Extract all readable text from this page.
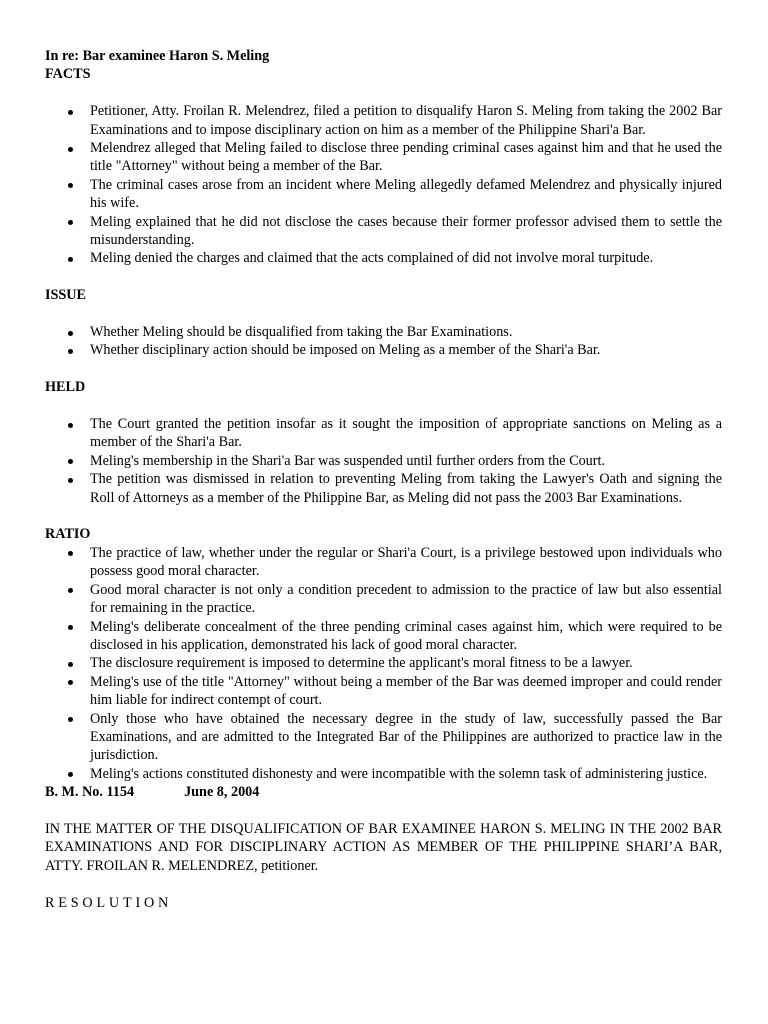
In re: Bar examinee Haron S. Meling
FACTS
Petitioner, Atty. Froilan R. Melendrez, filed a petition to disqualify Haron S. Meling from taking the 2002 Bar Examinations and to impose disciplinary action on him as a member of the Philippine Shari'a Bar.
Melendrez alleged that Meling failed to disclose three pending criminal cases against him and that he used the title "Attorney" without being a member of the Bar.
The criminal cases arose from an incident where Meling allegedly defamed Melendrez and physically injured his wife.
Meling explained that he did not disclose the cases because their former professor advised them to settle the misunderstanding.
Meling denied the charges and claimed that the acts complained of did not involve moral turpitude.
ISSUE
Whether Meling should be disqualified from taking the Bar Examinations.
Whether disciplinary action should be imposed on Meling as a member of the Shari'a Bar.
HELD
The Court granted the petition insofar as it sought the imposition of appropriate sanctions on Meling as a member of the Shari'a Bar.
Meling's membership in the Shari'a Bar was suspended until further orders from the Court.
The petition was dismissed in relation to preventing Meling from taking the Lawyer's Oath and signing the Roll of Attorneys as a member of the Philippine Bar, as Meling did not pass the 2003 Bar Examinations.
RATIO
The practice of law, whether under the regular or Shari'a Court, is a privilege bestowed upon individuals who possess good moral character.
Good moral character is not only a condition precedent to admission to the practice of law but also essential for remaining in the practice.
Meling's deliberate concealment of the three pending criminal cases against him, which were required to be disclosed in his application, demonstrated his lack of good moral character.
The disclosure requirement is imposed to determine the applicant's moral fitness to be a lawyer.
Meling's use of the title "Attorney" without being a member of the Bar was deemed improper and could render him liable for indirect contempt of court.
Only those who have obtained the necessary degree in the study of law, successfully passed the Bar Examinations, and are admitted to the Integrated Bar of the Philippines are authorized to practice law in the jurisdiction.
Meling's actions constituted dishonesty and were incompatible with the solemn task of administering justice.
B. M. No. 1154	June 8, 2004
IN THE MATTER OF THE DISQUALIFICATION OF BAR EXAMINEE HARON S. MELING IN THE 2002 BAR EXAMINATIONS AND FOR DISCIPLINARY ACTION AS MEMBER OF THE PHILIPPINE SHARI’A BAR, ATTY. FROILAN R. MELENDREZ, petitioner.
RESOLUTION
